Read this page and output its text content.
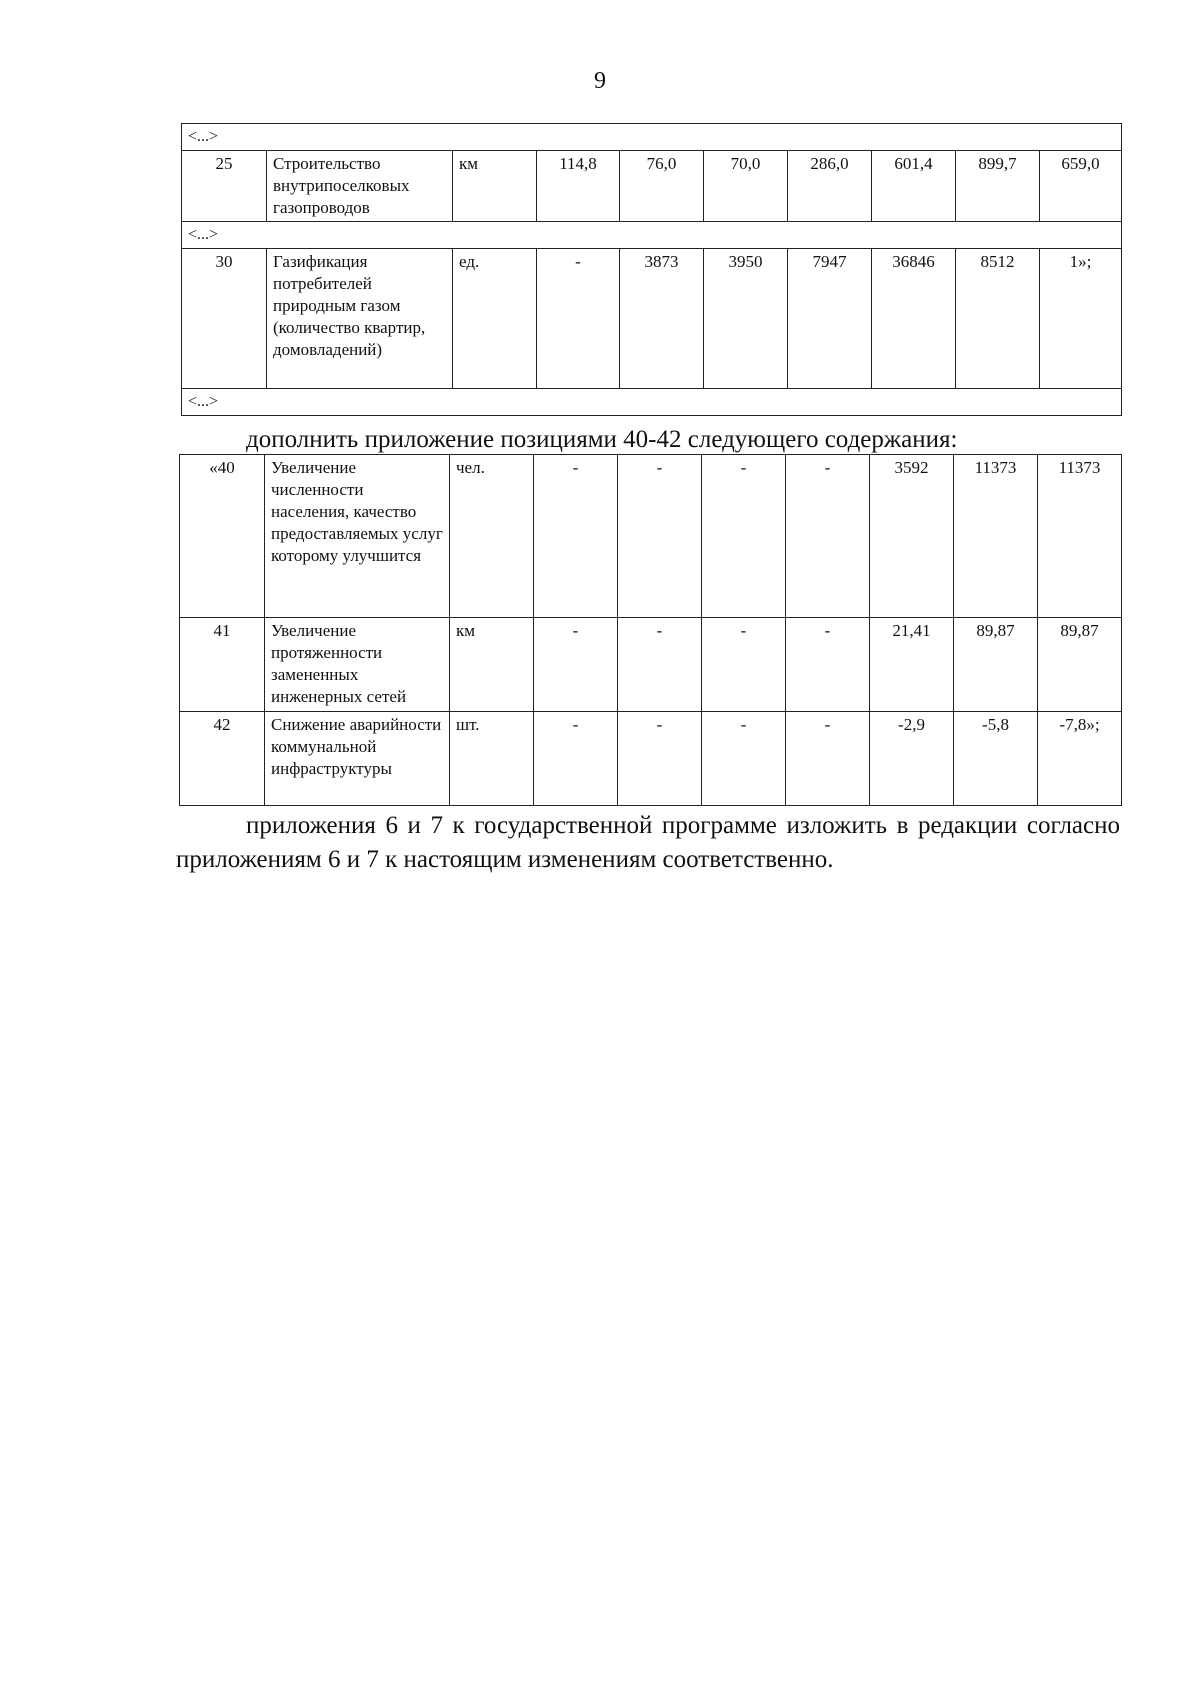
9
<...>									
25	Строительство внутрипоселковых газопроводов	км	114,8	76,0	70,0	286,0	601,4	899,7	659,0
<...>									
30	Газификация потребителей природным газом (количество квартир, домовладений)	ед.	-	3873	3950	7947	36846	8512	1»;
<...>									
дополнить приложение позициями 40-42 следующего содержания:
«40	Увеличение численности населения, качество предоставляемых услуг которому улучшится	чел.	-	-	-	-	3592	11373	11373
41	Увеличение протяженности замененных инженерных сетей	км	-	-	-	-	21,41	89,87	89,87
42	Снижение аварийности коммунальной инфраструктуры	шт.	-	-	-	-	-2,9	-5,8	-7,8»;
приложения 6 и 7 к государственной программе изложить в редакции согласно приложениям 6 и 7 к настоящим изменениям соответственно.
